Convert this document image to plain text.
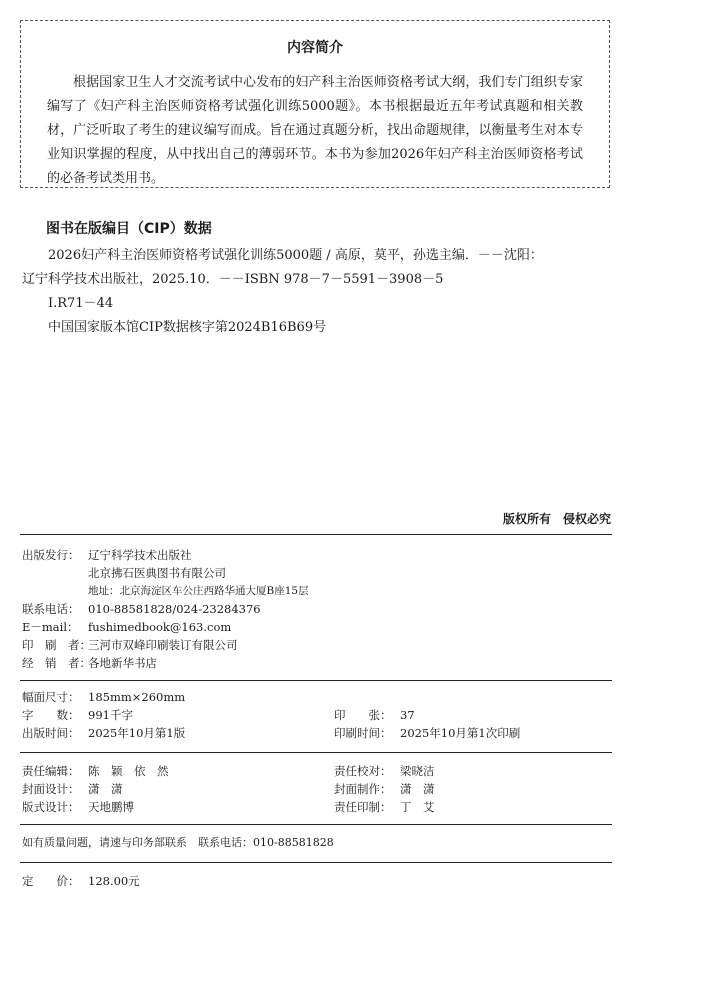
内容简介

根据国家卫生人才交流考试中心发布的妇产科主治医师资格考试大纲，我们专门组织专家编写了《妇产科主治医师资格考试强化训练5000题》。本书根据最近五年考试真题和相关教材，广泛听取了考生的建议编写而成。旨在通过真题分析，找出命题规律，以衡量考生对本专业知识掌握的程度，从中找出自己的薄弱环节。本书为参加2026年妇产科主治医师资格考试的必备考试类用书。

图书在版编目（CIP）数据
2026妇产科主治医师资格考试强化训练5000题 / 高原，莫平，孙选主编．－－沈阳：
辽宁科学技术出版社，2025.10．－－ISBN 978－7－5591－3908－5
Ⅰ.R71－44
中国国家版本馆CIP数据核字第2024B16B69号
版权所有　侵权必究
出版发行： 辽宁科学技术出版社
北京拂石医典图书有限公司
地址：北京海淀区车公庄西路华通大厦B座15层
联系电话： 010-88581828/024-23284376
E－mail： fushimedbook@163.com
印　刷　者：
三河市双峰印刷装订有限公司
经　销　者：
各地新华书店
幅面尺寸： 185mm×260mm
字　　数： 991千字	印　　张： 37
出版时间： 2025年10月第1版	印刷时间： 2025年10月第1次印刷
责任编辑： 陈　颖　依　然	责任校对： 梁晓洁
封面设计： 潇　潇	封面制作： 潇　潇
版式设计： 天地鹏博	责任印制： 丁　艾
如有质量问题，请速与印务部联系　联系电话：010-88581828
定　　价： 128.00元
